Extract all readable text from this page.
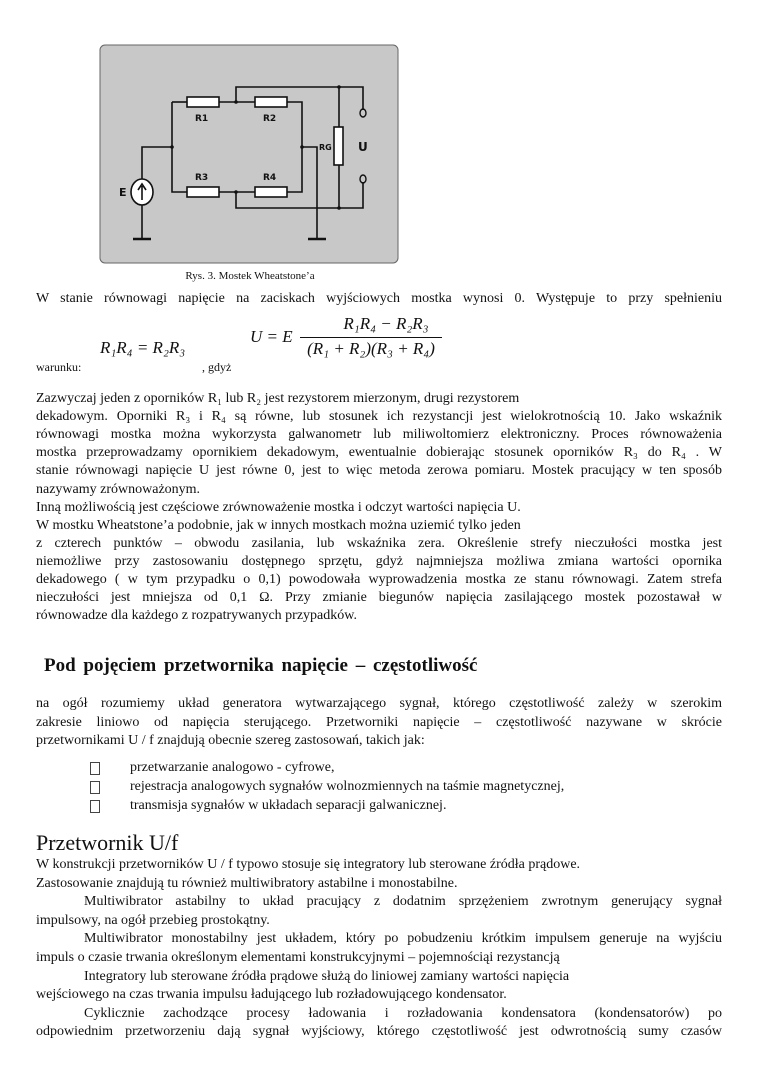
R1	R2
R3	R4
RG U
E
Rys. 3. Mostek Wheatstone’a
W stanie równowagi napięcie na zaciskach wyjściowych mostka wynosi 0. Występuje to przy spełnieniu
warunku:
R₁R₄ = R₂R₃
, gdyż
U = E
R₁R₄ − R₂R₃
(R₁ + R₂)(R₃ + R₄)
Zazwyczaj jeden z oporników R₁ lub R₂ jest rezystorem mierzonym, drugi rezystorem
dekadowym. Oporniki R₃ i R₄ są równe, lub stosunek ich rezystancji jest wielokrotnością 10. Jako wskaźnik
równowagi mostka można wykorzysta galwanometr lub miliwoltomierz elektroniczny. Proces równoważenia
mostka przeprowadzamy opornikiem dekadowym, ewentualnie dobierając stosunek oporników R₃ do R₄ . W
stanie równowagi napięcie U jest równe 0, jest to więc metoda zerowa pomiaru. Mostek pracujący w ten sposób
nazywamy zrównoważonym.
Inną możliwością jest częściowe zrównoważenie mostka i odczyt wartości napięcia U.
W mostku Wheatstone’a podobnie, jak w innych mostkach można uziemić tylko jeden
z czterech punktów – obwodu zasilania, lub wskaźnika zera. Określenie strefy nieczułości mostka jest
niemożliwe przy zastosowaniu dostępnego sprzętu, gdyż najmniejsza możliwa zmiana wartości opornika
dekadowego ( w tym przypadku o 0,1) powodowała wyprowadzenia mostka ze stanu równowagi. Zatem strefa
nieczułości jest mniejsza od 0,1 Ω. Przy zmianie biegunów napięcia zasilającego mostek pozostawał w
równowadze dla każdego z rozpatrywanych przypadków.
Pod pojęciem przetwornika napięcie – częstotliwość
na ogół rozumiemy układ generatora wytwarzającego sygnał, którego częstotliwość zależy w szerokim
zakresie liniowo od napięcia sterującego. Przetworniki napięcie – częstotliwość nazywane w skrócie
przetwornikami U / f znajdują obecnie szereg zastosowań, takich jak:
przetwarzanie analogowo - cyfrowe,
rejestracja analogowych sygnałów wolnozmiennych na taśmie magnetycznej,
transmisja sygnałów w układach separacji galwanicznej.
Przetwornik U/f
W konstrukcji przetworników U / f typowo stosuje się integratory lub sterowane źródła prądowe.
Zastosowanie znajdują tu również multiwibratory astabilne i monostabilne.
Multiwibrator astabilny to układ pracujący z dodatnim sprzężeniem zwrotnym generujący sygnał
impulsowy, na ogół przebieg prostokątny.
Multiwibrator monostabilny jest układem, który po pobudzeniu krótkim impulsem generuje na wyjściu
impuls o czasie trwania określonym elementami konstrukcyjnymi – pojemnościąi rezystancją
Integratory lub sterowane źródła prądowe służą do liniowej zamiany wartości napięcia
wejściowego na czas trwania impulsu ładującego lub rozładowującego kondensator.
Cyklicznie zachodzące procesy ładowania i rozładowania kondensatora (kondensatorów) po
odpowiednim przetworzeniu dają sygnał wyjściowy, którego częstotliwość jest odwrotnością sumy czasów
